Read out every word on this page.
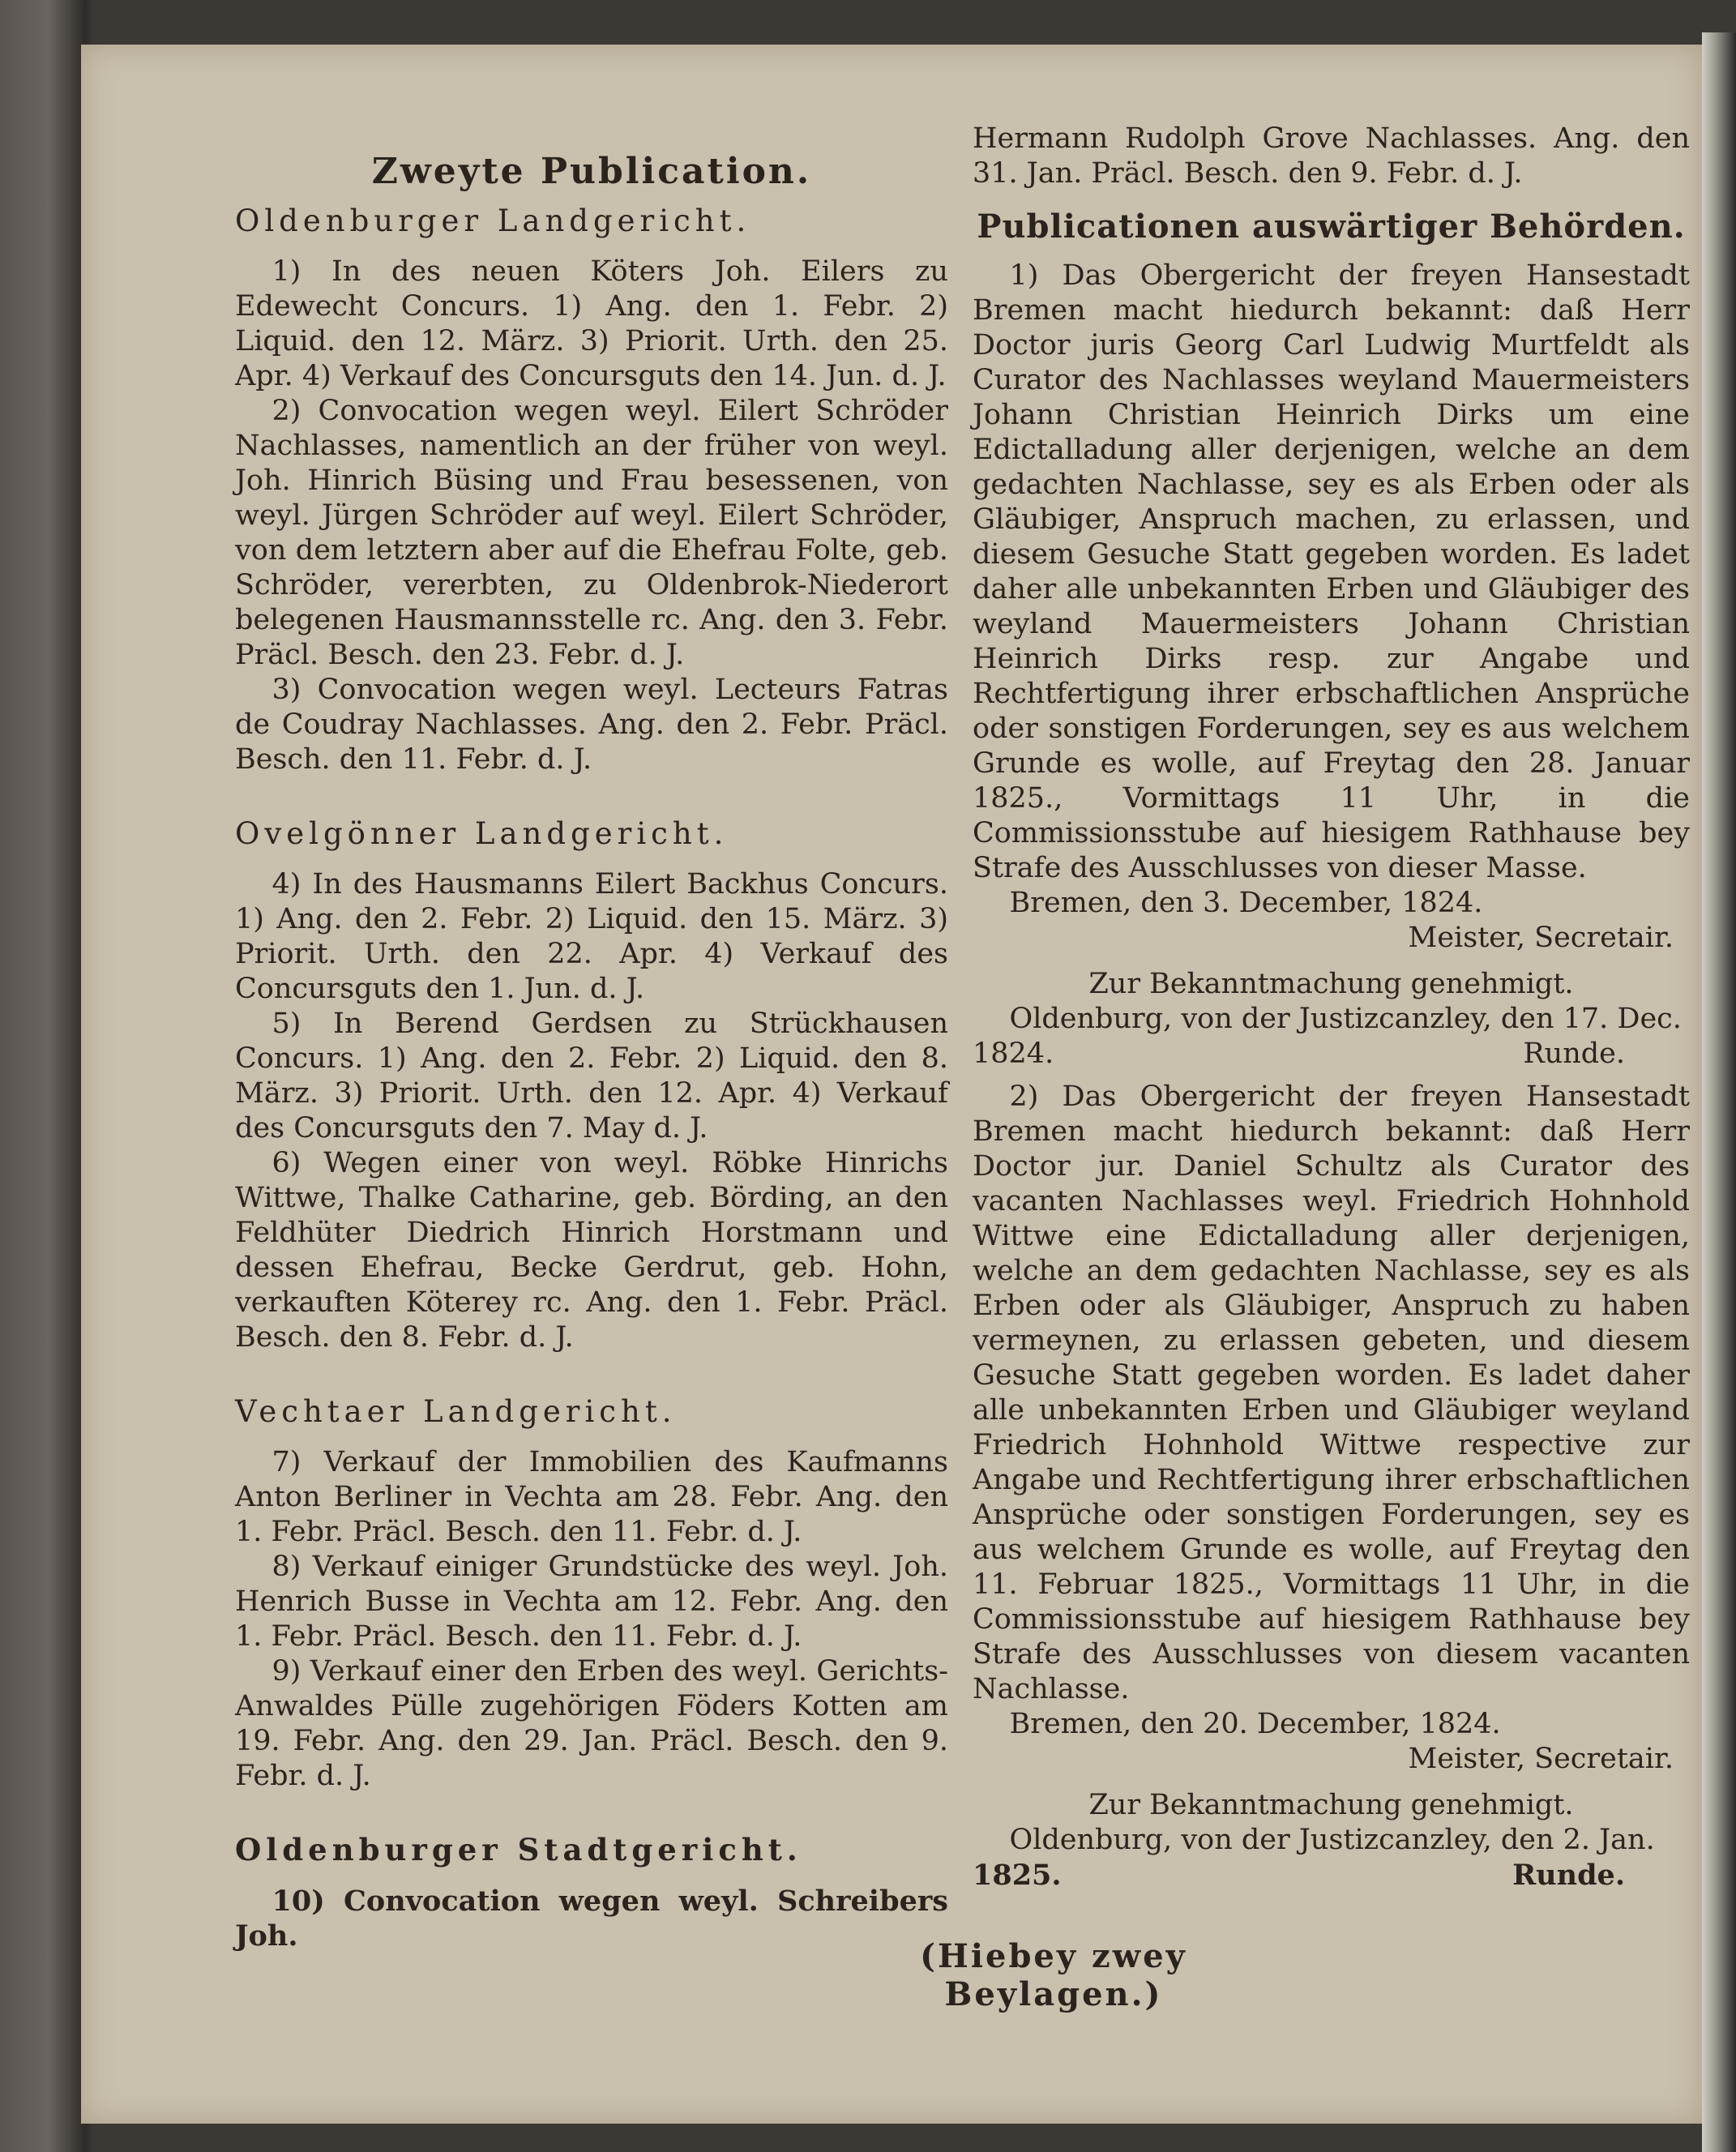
Zweyte Publication.
Oldenburger Landgericht.

1) In des neuen Köters Joh. Eilers zu Edewecht Concurs. 1) Ang. den 1. Febr. 2) Liquid. den 12. März. 3) Priorit. Urth. den 25. Apr. 4) Verkauf des Concursguts den 14. Jun. d. J.

2) Convocation wegen weyl. Eilert Schröder Nachlasses, namentlich an der früher von weyl. Joh. Hinrich Büsing und Frau besessenen, von weyl. Jürgen Schröder auf weyl. Eilert Schröder, von dem letztern aber auf die Ehefrau Folte, geb. Schröder, vererbten, zu Oldenbrok-Niederort belegenen Hausmannsstelle rc. Ang. den 3. Febr. Präcl. Besch. den 23. Febr. d. J.

3) Convocation wegen weyl. Lecteurs Fatras de Coudray Nachlasses. Ang. den 2. Febr. Präcl. Besch. den 11. Febr. d. J.

Ovelgönner Landgericht.

4) In des Hausmanns Eilert Backhus Concurs. 1) Ang. den 2. Febr. 2) Liquid. den 15. März. 3) Priorit. Urth. den 22. Apr. 4) Verkauf des Concursguts den 1. Jun. d. J.

5) In Berend Gerdsen zu Strückhausen Concurs. 1) Ang. den 2. Febr. 2) Liquid. den 8. März. 3) Priorit. Urth. den 12. Apr. 4) Verkauf des Concursguts den 7. May d. J.

6) Wegen einer von weyl. Röbke Hinrichs Wittwe, Thalke Catharine, geb. Börding, an den Feldhüter Diedrich Hinrich Horstmann und dessen Ehefrau, Becke Gerdrut, geb. Hohn, verkauften Köterey rc. Ang. den 1. Febr. Präcl. Besch. den 8. Febr. d. J.

Vechtaer Landgericht.

7) Verkauf der Immobilien des Kaufmanns Anton Berliner in Vechta am 28. Febr. Ang. den 1. Febr. Präcl. Besch. den 11. Febr. d. J.

8) Verkauf einiger Grundstücke des weyl. Joh. Henrich Busse in Vechta am 12. Febr. Ang. den 1. Febr. Präcl. Besch. den 11. Febr. d. J.

9) Verkauf einer den Erben des weyl. Gerichts-Anwaldes Pülle zugehörigen Föders Kotten am 19. Febr. Ang. den 29. Jan. Präcl. Besch. den 9. Febr. d. J.

Oldenburger Stadtgericht.

10) Convocation wegen weyl. Schreibers Joh.

Hermann Rudolph Grove Nachlasses. Ang. den 31. Jan. Präcl. Besch. den 9. Febr. d. J.

Publicationen auswärtiger Behörden.

1) Das Obergericht der freyen Hansestadt Bremen macht hiedurch bekannt: daß Herr Doctor juris Georg Carl Ludwig Murtfeldt als Curator des Nachlasses weyland Mauermeisters Johann Christian Heinrich Dirks um eine Edictalladung aller derjenigen, welche an dem gedachten Nachlasse, sey es als Erben oder als Gläubiger, Anspruch machen, zu erlassen, und diesem Gesuche Statt gegeben worden. Es ladet daher alle unbekannten Erben und Gläubiger des weyland Mauermeisters Johann Christian Heinrich Dirks resp. zur Angabe und Rechtfertigung ihrer erbschaftlichen Ansprüche oder sonstigen Forderungen, sey es aus welchem Grunde es wolle, auf Freytag den 28. Januar 1825., Vormittags 11 Uhr, in die Commissionsstube auf hiesigem Rathhause bey Strafe des Ausschlusses von dieser Masse.

Bremen, den 3. December, 1824.
Meister, Secretair.
Zur Bekanntmachung genehmigt.
Oldenburg, von der Justizcanzley, den 17. Dec.
1824.	Runde.

2) Das Obergericht der freyen Hansestadt Bremen macht hiedurch bekannt: daß Herr Doctor jur. Daniel Schultz als Curator des vacanten Nachlasses weyl. Friedrich Hohnhold Wittwe eine Edictalladung aller derjenigen, welche an dem gedachten Nachlasse, sey es als Erben oder als Gläubiger, Anspruch zu haben vermeynen, zu erlassen gebeten, und diesem Gesuche Statt gegeben worden. Es ladet daher alle unbekannten Erben und Gläubiger weyland Friedrich Hohnhold Wittwe respective zur Angabe und Rechtfertigung ihrer erbschaftlichen Ansprüche oder sonstigen Forderungen, sey es aus welchem Grunde es wolle, auf Freytag den 11. Februar 1825., Vormittags 11 Uhr, in die Commissionsstube auf hiesigem Rathhause bey Strafe des Ausschlusses von diesem vacanten Nachlasse.

Bremen, den 20. December, 1824.
Meister, Secretair.
Zur Bekanntmachung genehmigt.
Oldenburg, von der Justizcanzley, den 2. Jan.
1825.	Runde.
(Hiebey zwey Beylagen.)
